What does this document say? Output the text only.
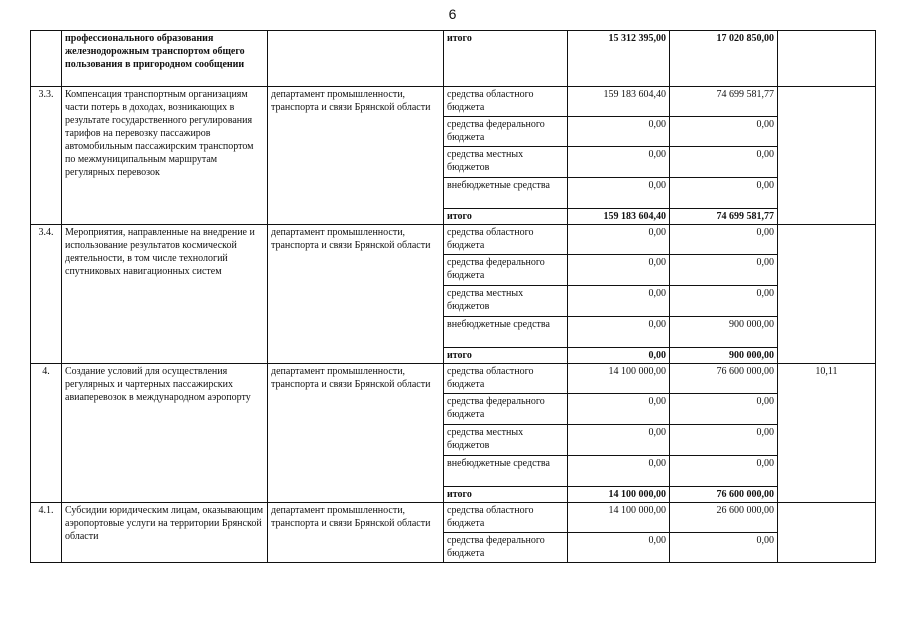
6
	профессионального образования железнодорожным транспортом общего пользования в пригородном сообщении		итого	15 312 395,00	17 020 850,00	
3.3.	Компенсация транспортным организациям части потерь в доходах, возникающих в результате государственного регулирования тарифов на перевозку пассажиров автомобильным пассажирским транспортом по межмуниципальным маршрутам регулярных перевозок	департамент промышленности, транспорта и связи Брянской области	средства областного бюджета	159 183 604,40	74 699 581,77	
			средства федерального бюджета	0,00	0,00	
			средства местных бюджетов	0,00	0,00	
			внебюджетные средства	0,00	0,00	
			итого	159 183 604,40	74 699 581,77	
3.4.	Мероприятия, направленные на внедрение и использование результатов космической деятельности, в том числе технологий спутниковых навигационных систем	департамент промышленности, транспорта и связи Брянской области	средства областного бюджета	0,00	0,00	
			средства федерального бюджета	0,00	0,00	
			средства местных бюджетов	0,00	0,00	
			внебюджетные средства	0,00	900 000,00	
			итого	0,00	900 000,00	
4.	Создание условий для осуществления регулярных и чартерных пассажирских авиаперевозок в международном аэропорту	департамент промышленности, транспорта и связи Брянской области	средства областного бюджета	14 100 000,00	76 600 000,00	10,11
			средства федерального бюджета	0,00	0,00	
			средства местных бюджетов	0,00	0,00	
			внебюджетные средства	0,00	0,00	
			итого	14 100 000,00	76 600 000,00	
4.1.	Субсидии юридическим лицам, оказывающим аэропортовые услуги на территории Брянской области	департамент промышленности, транспорта и связи Брянской области	средства областного бюджета	14 100 000,00	26 600 000,00	
			средства федерального бюджета	0,00	0,00	
